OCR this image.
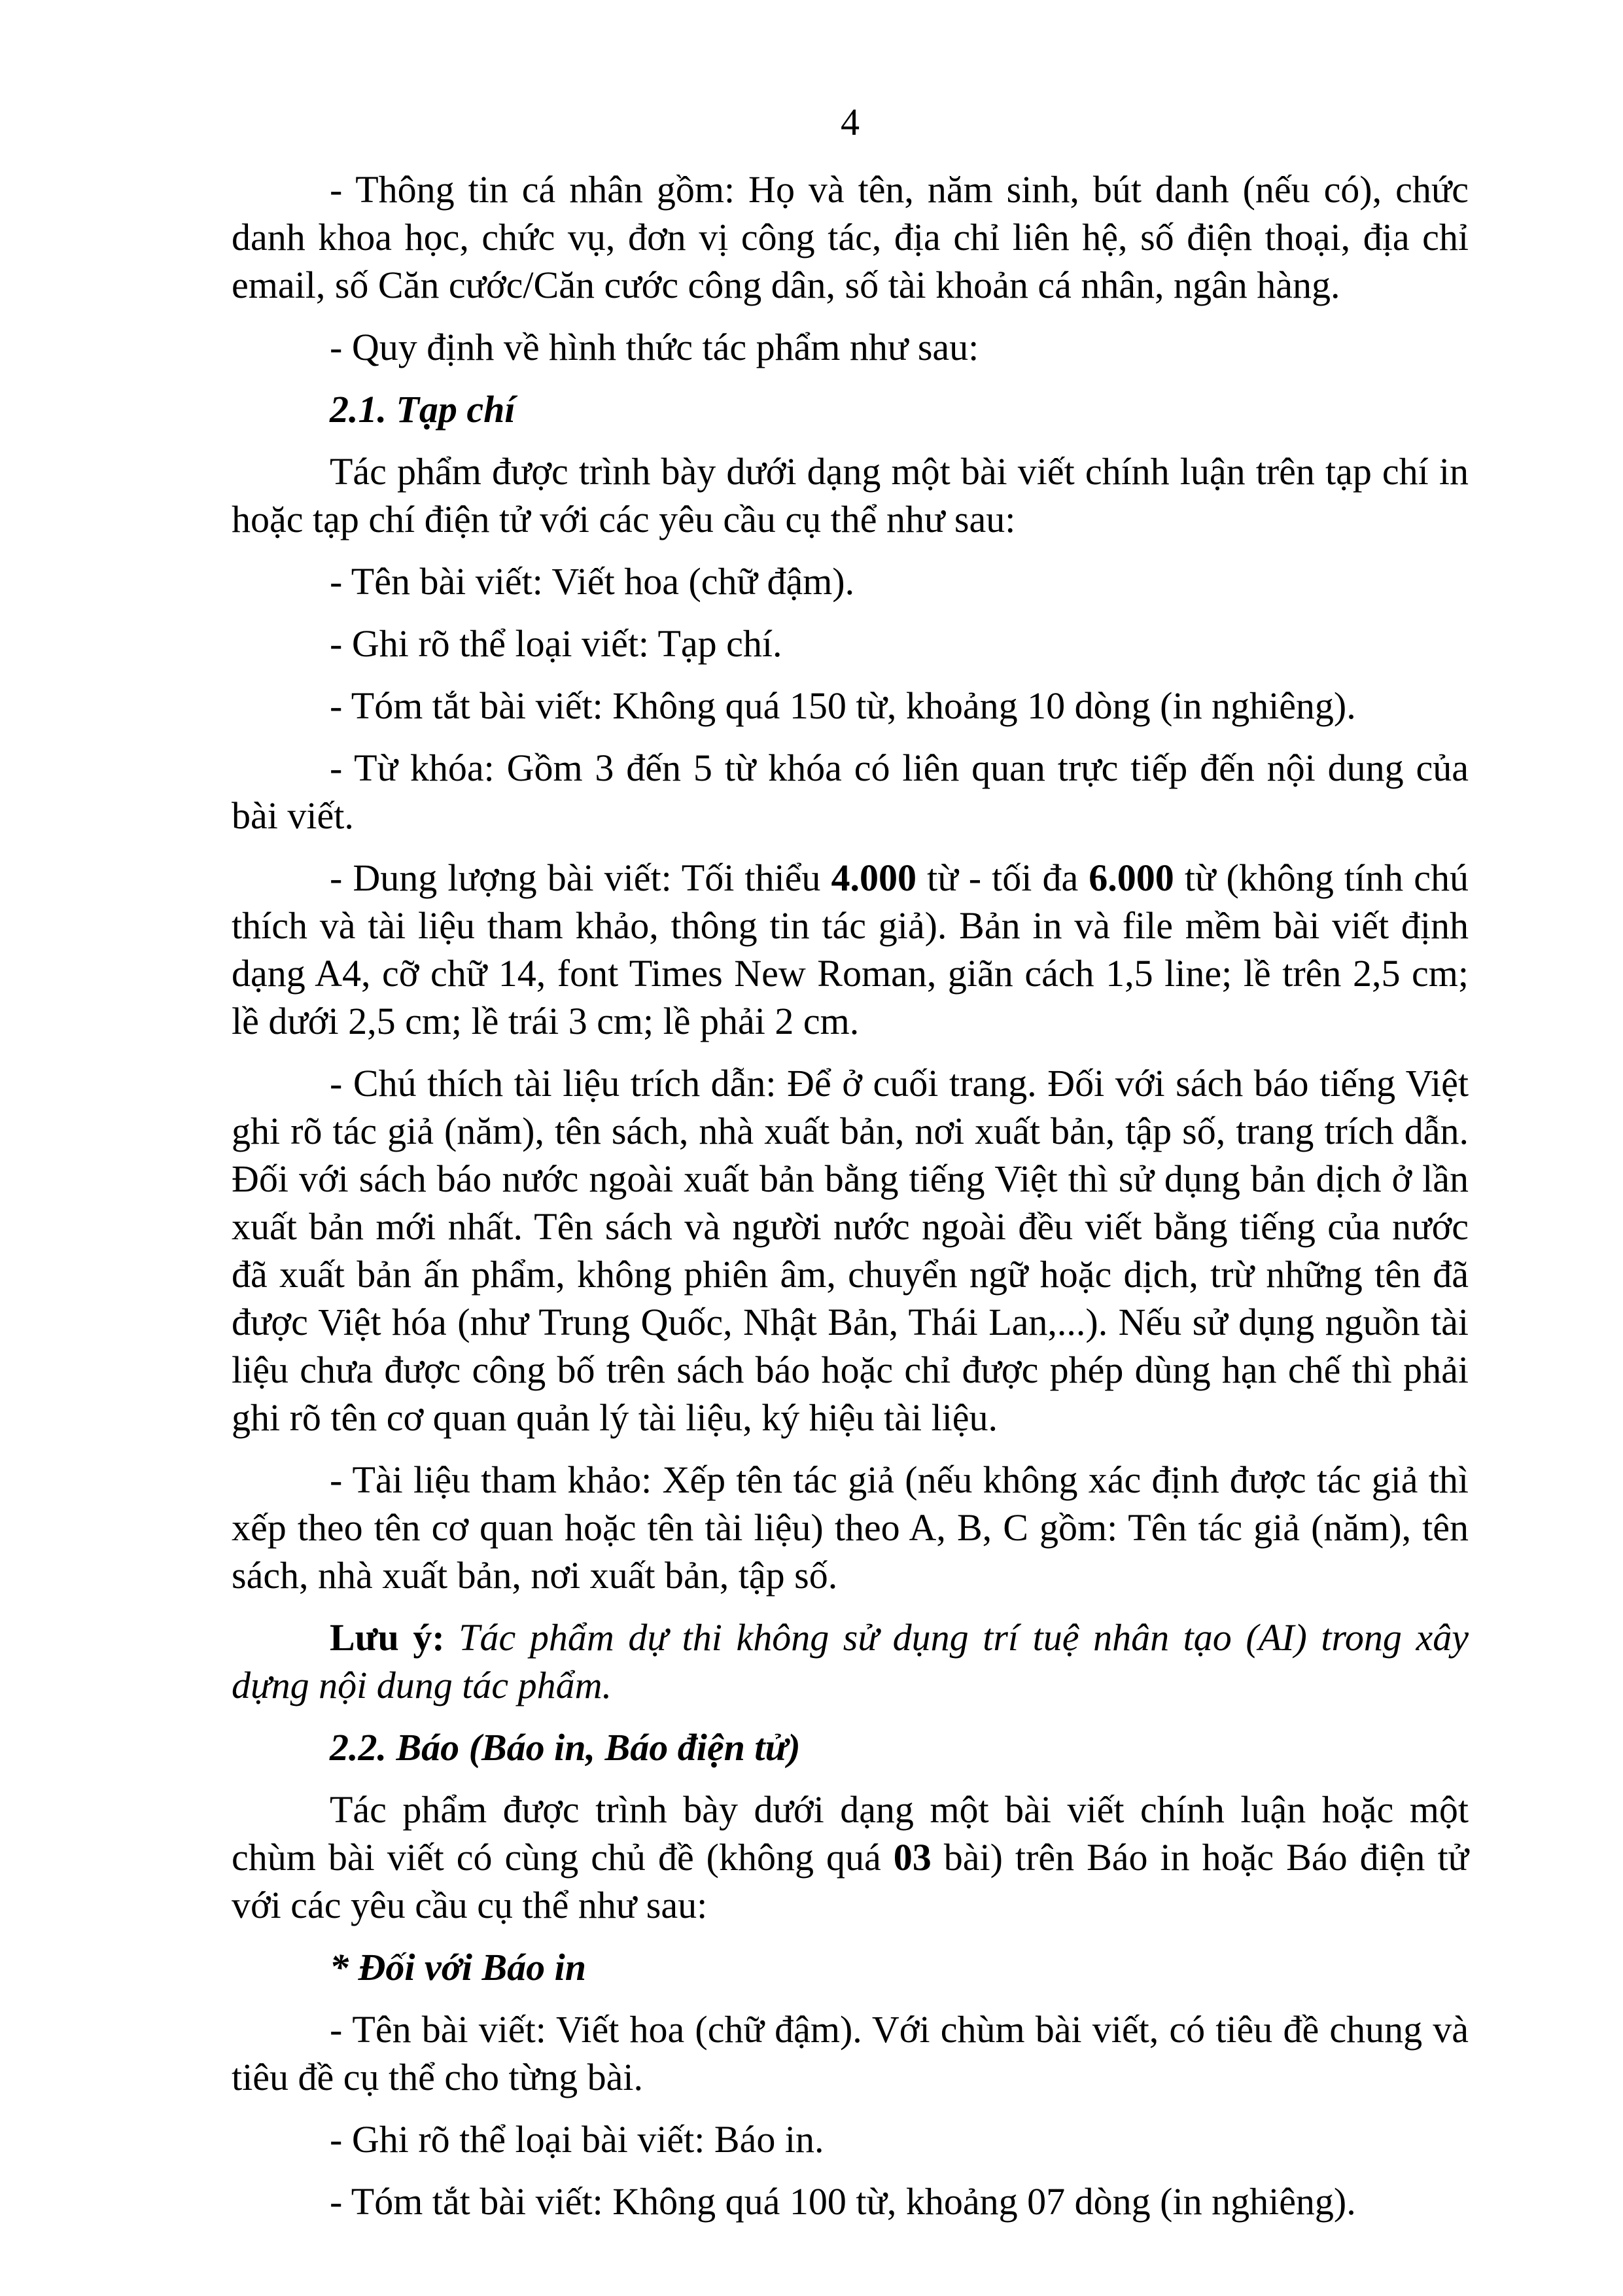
4

- Thông tin cá nhân gồm: Họ và tên, năm sinh, bút danh (nếu có), chức danh khoa học, chức vụ, đơn vị công tác, địa chỉ liên hệ, số điện thoại, địa chỉ email, số Căn cước/Căn cước công dân, số tài khoản cá nhân, ngân hàng.

- Quy định về hình thức tác phẩm như sau:

2.1. Tạp chí

Tác phẩm được trình bày dưới dạng một bài viết chính luận trên tạp chí in hoặc tạp chí điện tử với các yêu cầu cụ thể như sau:

- Tên bài viết: Viết hoa (chữ đậm).

- Ghi rõ thể loại viết: Tạp chí.

- Tóm tắt bài viết: Không quá 150 từ, khoảng 10 dòng (in nghiêng).

- Từ khóa: Gồm 3 đến 5 từ khóa có liên quan trực tiếp đến nội dung của bài viết.

- Dung lượng bài viết: Tối thiểu 4.000 từ - tối đa 6.000 từ (không tính chú thích và tài liệu tham khảo, thông tin tác giả). Bản in và file mềm bài viết định dạng A4, cỡ chữ 14, font Times New Roman, giãn cách 1,5 line; lề trên 2,5 cm; lề dưới 2,5 cm; lề trái 3 cm; lề phải 2 cm.

- Chú thích tài liệu trích dẫn: Để ở cuối trang. Đối với sách báo tiếng Việt ghi rõ tác giả (năm), tên sách, nhà xuất bản, nơi xuất bản, tập số, trang trích dẫn. Đối với sách báo nước ngoài xuất bản bằng tiếng Việt thì sử dụng bản dịch ở lần xuất bản mới nhất. Tên sách và người nước ngoài đều viết bằng tiếng của nước đã xuất bản ấn phẩm, không phiên âm, chuyển ngữ hoặc dịch, trừ những tên đã được Việt hóa (như Trung Quốc, Nhật Bản, Thái Lan,...). Nếu sử dụng nguồn tài liệu chưa được công bố trên sách báo hoặc chỉ được phép dùng hạn chế thì phải ghi rõ tên cơ quan quản lý tài liệu, ký hiệu tài liệu.

- Tài liệu tham khảo: Xếp tên tác giả (nếu không xác định được tác giả thì xếp theo tên cơ quan hoặc tên tài liệu) theo A, B, C gồm: Tên tác giả (năm), tên sách, nhà xuất bản, nơi xuất bản, tập số.

Lưu ý: Tác phẩm dự thi không sử dụng trí tuệ nhân tạo (AI) trong xây dựng nội dung tác phẩm.

2.2. Báo (Báo in, Báo điện tử)

Tác phẩm được trình bày dưới dạng một bài viết chính luận hoặc một chùm bài viết có cùng chủ đề (không quá 03 bài) trên Báo in hoặc Báo điện tử với các yêu cầu cụ thể như sau:

* Đối với Báo in

- Tên bài viết: Viết hoa (chữ đậm). Với chùm bài viết, có tiêu đề chung và tiêu đề cụ thể cho từng bài.

- Ghi rõ thể loại bài viết: Báo in.

- Tóm tắt bài viết: Không quá 100 từ, khoảng 07 dòng (in nghiêng).
